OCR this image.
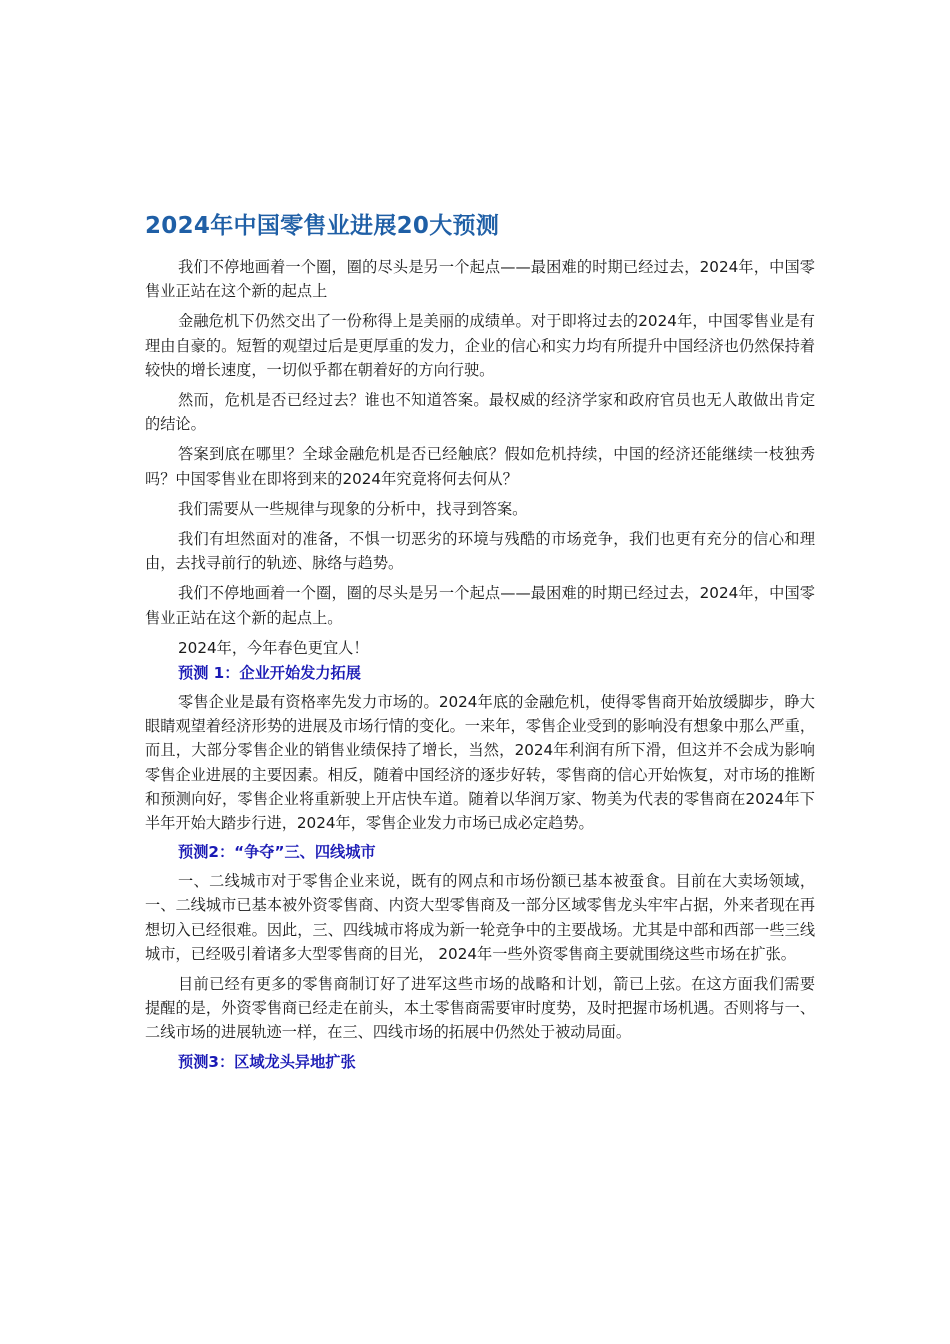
2024年中国零售业进展20大预测

我们不停地画着一个圈，圈的尽头是另一个起点——最困难的时期已经过去，2024年，中国零售业正站在这个新的起点上

金融危机下仍然交出了一份称得上是美丽的成绩单。对于即将过去的2024年，中国零售业是有理由自豪的。短暂的观望过后是更厚重的发力，企业的信心和实力均有所提升中国经济也仍然保持着较快的增长速度，一切似乎都在朝着好的方向行驶。

然而，危机是否已经过去？谁也不知道答案。最权威的经济学家和政府官员也无人敢做出肯定的结论。

答案到底在哪里？全球金融危机是否已经触底？假如危机持续，中国的经济还能继续一枝独秀吗？中国零售业在即将到来的2024年究竟将何去何从？

我们需要从一些规律与现象的分析中，找寻到答案。

我们有坦然面对的准备，不惧一切恶劣的环境与残酷的市场竞争，我们也更有充分的信心和理由，去找寻前行的轨迹、脉络与趋势。

我们不停地画着一个圈，圈的尽头是另一个起点——最困难的时期已经过去，2024年，中国零售业正站在这个新的起点上。

2024年，今年春色更宜人！

预测 1：企业开始发力拓展

零售企业是最有资格率先发力市场的。2024年底的金融危机，使得零售商开始放缓脚步，睁大眼睛观望着经济形势的进展及市场行情的变化。一来年，零售企业受到的影响没有想象中那么严重，而且，大部分零售企业的销售业绩保持了增长，当然，2024年利润有所下滑，但这并不会成为影响零售企业进展的主要因素。相反，随着中国经济的逐步好转，零售商的信心开始恢复，对市场的推断和预测向好，零售企业将重新驶上开店快车道。随着以华润万家、物美为代表的零售商在2024年下半年开始大踏步行进，2024年，零售企业发力市场已成必定趋势。

预测2：“争夺”三、四线城市

一、二线城市对于零售企业来说，既有的网点和市场份额已基本被蚕食。目前在大卖场领域，一、二线城市已基本被外资零售商、内资大型零售商及一部分区域零售龙头牢牢占据，外来者现在再想切入已经很难。因此，三、四线城市将成为新一轮竞争中的主要战场。尤其是中部和西部一些三线城市，已经吸引着诸多大型零售商的目光， 2024年一些外资零售商主要就围绕这些市场在扩张。

目前已经有更多的零售商制订好了进军这些市场的战略和计划，箭已上弦。在这方面我们需要提醒的是，外资零售商已经走在前头，本土零售商需要审时度势，及时把握市场机遇。否则将与一、二线市场的进展轨迹一样，在三、四线市场的拓展中仍然处于被动局面。

预测3：区域龙头异地扩张
